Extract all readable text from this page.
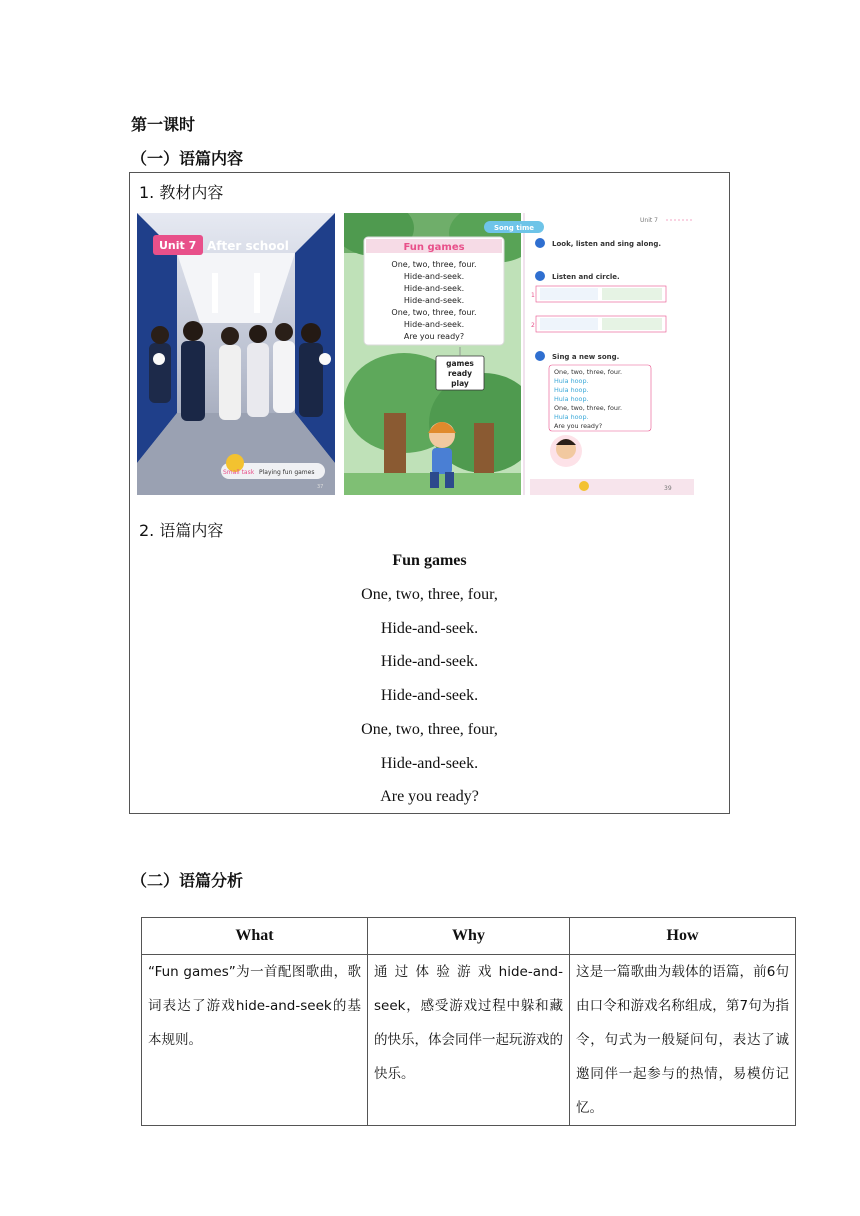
第一课时
（一）语篇内容
1. 教材内容
Unit 7 After school
Small task Playing fun games
37
Fun games
One, two, three, four.
Hide-and-seek.
Hide-and-seek.
Hide-and-seek.
One, two, three, four.
Hide-and-seek.
Are you ready?
games
ready
play
Song time
Unit 7
Look, listen and sing along.
Listen and circle.
1
2
Sing a new song.
One, two, three, four.
Hula hoop.
Hula hoop.
Hula hoop.
One, two, three, four.
Hula hoop.
Are you ready?
39
2. 语篇内容
Fun games
One, two, three, four,
Hide-and-seek.
Hide-and-seek.
Hide-and-seek.
One, two, three, four,
Hide-and-seek.
Are you ready?
（二）语篇分析
What	Why	How
“Fun games”为一首配图歌曲，歌词表达了游戏hide-and-seek的基本规则。	通过体验游戏hide-and-seek，感受游戏过程中躲和藏的快乐，体会同伴一起玩游戏的快乐。	这是一篇歌曲为载体的语篇，前6句由口令和游戏名称组成，第7句为指令，句式为一般疑问句，表达了诚邀同伴一起参与的热情，易模仿记忆。
